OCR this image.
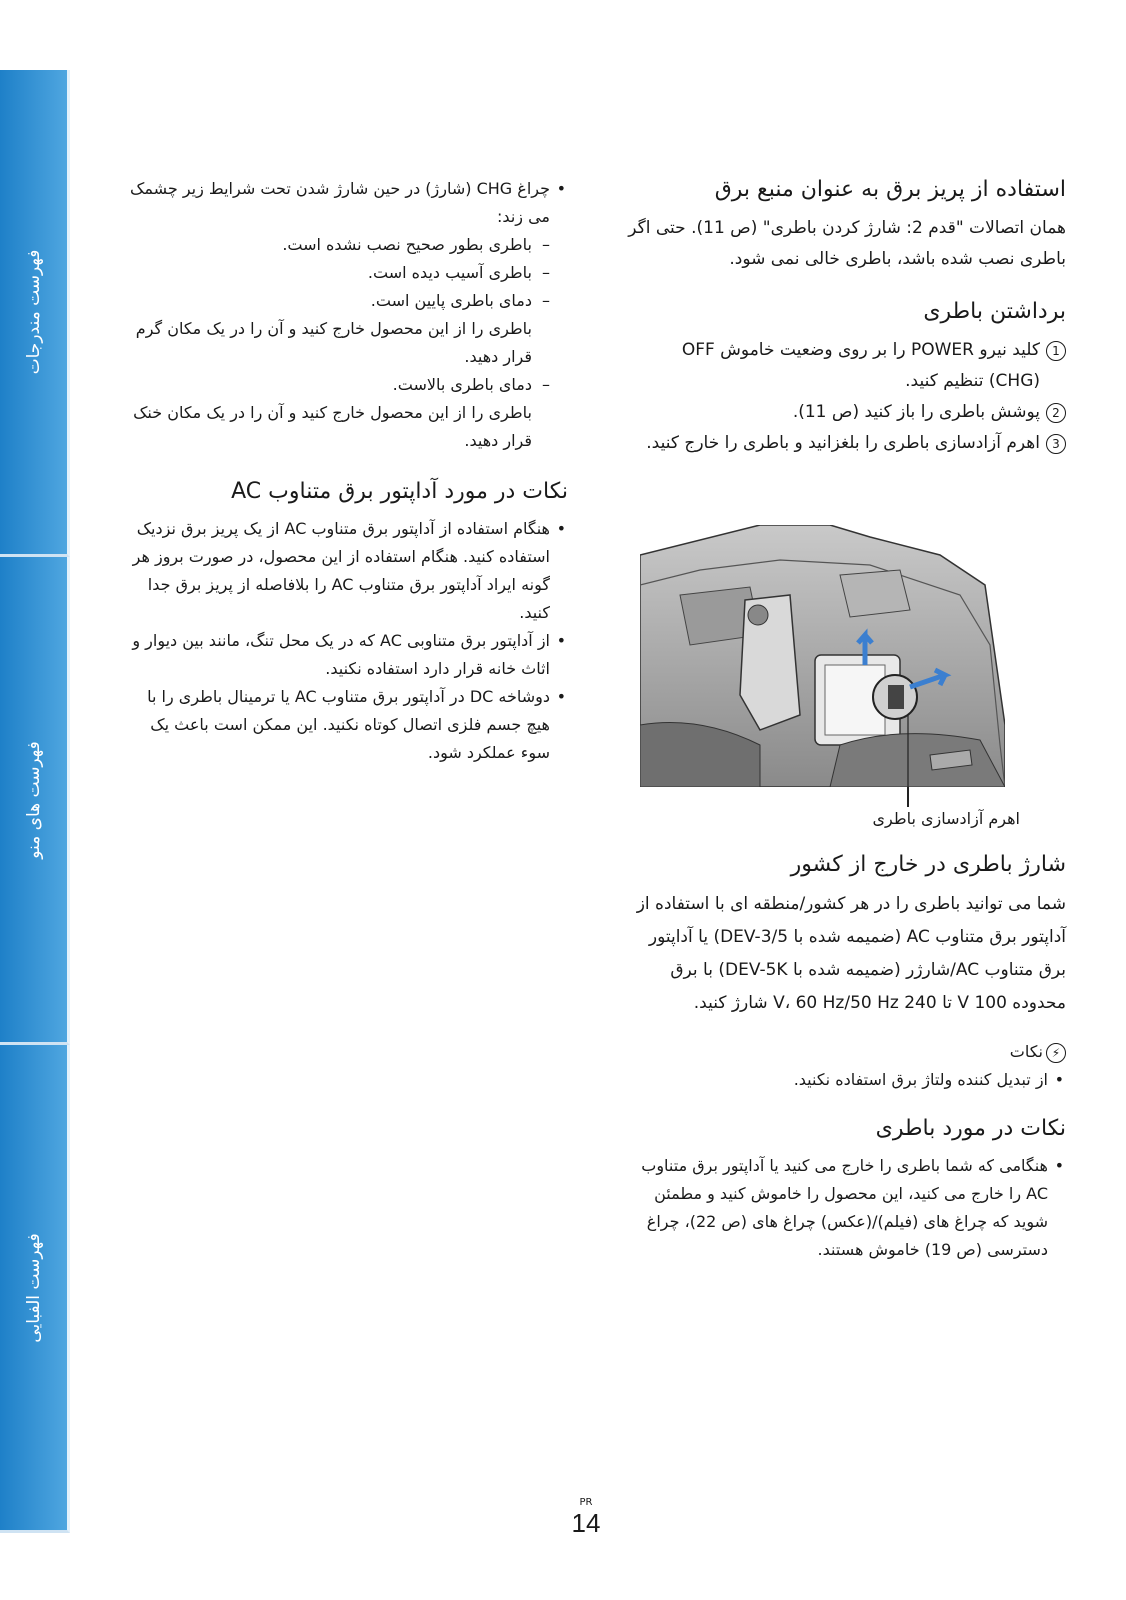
فهرست مندرجات
فهرست های منو
فهرست الفبایی
استفاده از پریز برق به عنوان منبع برق

همان اتصالات "قدم 2: شارژ کردن باطری" (ص 11). حتی اگر باطری نصب شده باشد، باطری خالی نمی شود.

برداشتن باطری
1
کلید نیرو POWER را بر روی وضعیت خاموش OFF (CHG) تنظیم کنید.
2
پوشش باطری را باز کنید (ص 11).
3
اهرم آزادسازی باطری را بلغزانید و باطری را خارج کنید.
اهرم آزادسازی باطری
شارژ باطری در خارج از کشور

شما می توانید باطری را در هر کشور/منطقه ای با استفاده از آداپتور برق متناوب AC (ضمیمه شده با DEV-3/5) یا آداپتور برق متناوب AC/شارژر (ضمیمه شده با DEV-5K) با برق محدوده 100 V تا 240 V، 60 Hz/50 Hz شارژ کنید.

⚡نکات
• از تبدیل کننده ولتاژ برق استفاده نکنید.
نکات در مورد باطری
• هنگامی که شما باطری را خارج می کنید یا آداپتور برق متناوب AC را خارج می کنید، این محصول را خاموش کنید و مطمئن شوید که چراغ های (فیلم)/(عکس) چراغ های (ص 22)، چراغ دسترسی (ص 19) خاموش هستند.
• چراغ CHG (شارژ) در حین شارژ شدن تحت شرایط زیر چشمک می زند:
– باطری بطور صحیح نصب نشده است.
– باطری آسیب دیده است.
– دمای باطری پایین است.
باطری را از این محصول خارج کنید و آن را در یک مکان گرم قرار دهید.
– دمای باطری بالاست.
باطری را از این محصول خارج کنید و آن را در یک مکان خنک قرار دهید.
نکات در مورد آداپتور برق متناوب AC
• هنگام استفاده از آداپتور برق متناوب AC از یک پریز برق نزدیک استفاده کنید. هنگام استفاده از این محصول، در صورت بروز هر گونه ایراد آداپتور برق متناوب AC را بلافاصله از پریز برق جدا کنید.
• از آداپتور برق متناوبی AC که در یک محل تنگ، مانند بین دیوار و اثاث خانه قرار دارد استفاده نکنید.
• دوشاخه DC در آداپتور برق متناوب AC یا ترمینال باطری را با هیچ جسم فلزی اتصال کوتاه نکنید. این ممکن است باعث یک سوء عملکرد شود.
PR
14
